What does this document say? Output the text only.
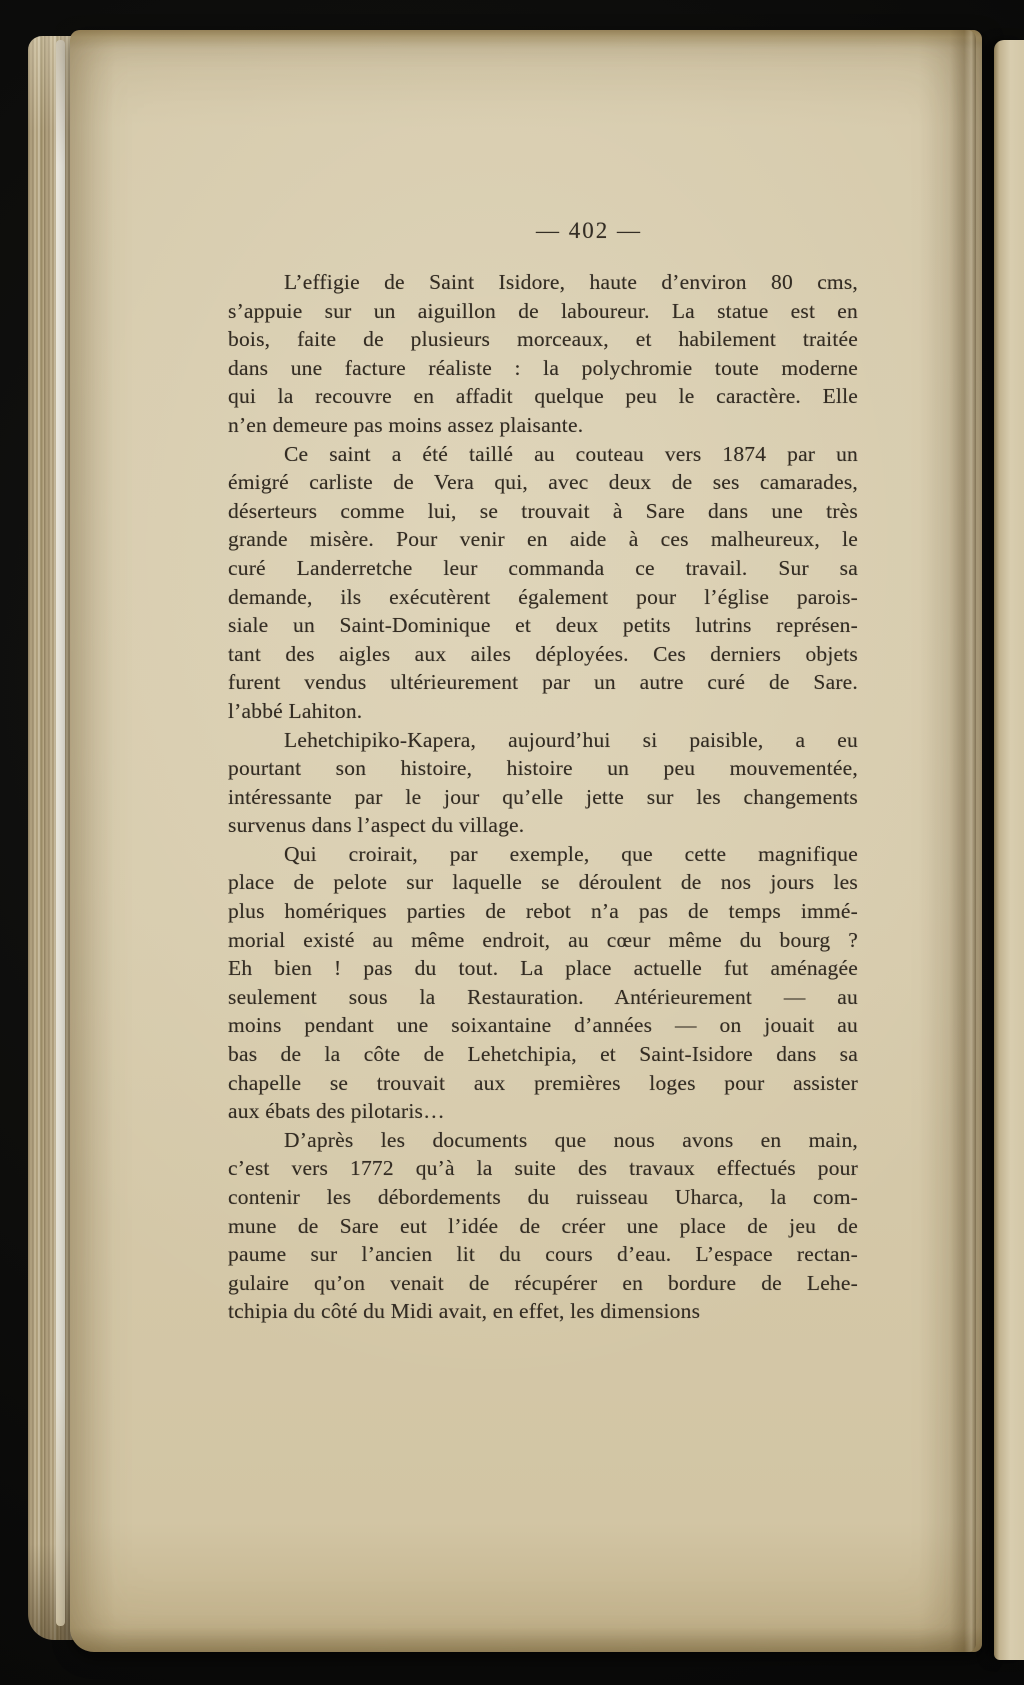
— 402 —
L’effigie de Saint Isidore, haute d’environ 80 cms,
s’appuie sur un aiguillon de laboureur. La statue est en
bois, faite de plusieurs morceaux, et habilement traitée
dans une facture réaliste : la polychromie toute moderne
qui la recouvre en affadit quelque peu le caractère. Elle
n’en demeure pas moins assez plaisante.
Ce saint a été taillé au couteau vers 1874 par un
émigré carliste de Vera qui, avec deux de ses camarades,
déserteurs comme lui, se trouvait à Sare dans une très
grande misère. Pour venir en aide à ces malheureux, le
curé Landerretche leur commanda ce travail. Sur sa
demande, ils exécutèrent également pour l’église parois-
siale un Saint-Dominique et deux petits lutrins représen-
tant des aigles aux ailes déployées. Ces derniers objets
furent vendus ultérieurement par un autre curé de Sare.
l’abbé Lahiton.
Lehetchipiko-Kapera, aujourd’hui si paisible, a eu
pourtant son histoire, histoire un peu mouvementée,
intéressante par le jour qu’elle jette sur les changements
survenus dans l’aspect du village.
Qui croirait, par exemple, que cette magnifique
place de pelote sur laquelle se déroulent de nos jours les
plus homériques parties de rebot n’a pas de temps immé-
morial existé au même endroit, au cœur même du bourg ?
Eh bien ! pas du tout. La place actuelle fut aménagée
seulement sous la Restauration. Antérieurement — au
moins pendant une soixantaine d’années — on jouait au
bas de la côte de Lehetchipia, et Saint-Isidore dans sa
chapelle se trouvait aux premières loges pour assister
aux ébats des pilotaris…
D’après les documents que nous avons en main,
c’est vers 1772 qu’à la suite des travaux effectués pour
contenir les débordements du ruisseau Uharca, la com-
mune de Sare eut l’idée de créer une place de jeu de
paume sur l’ancien lit du cours d’eau. L’espace rectan-
gulaire qu’on venait de récupérer en bordure de Lehe-
tchipia du côté du Midi avait, en effet, les dimensions
